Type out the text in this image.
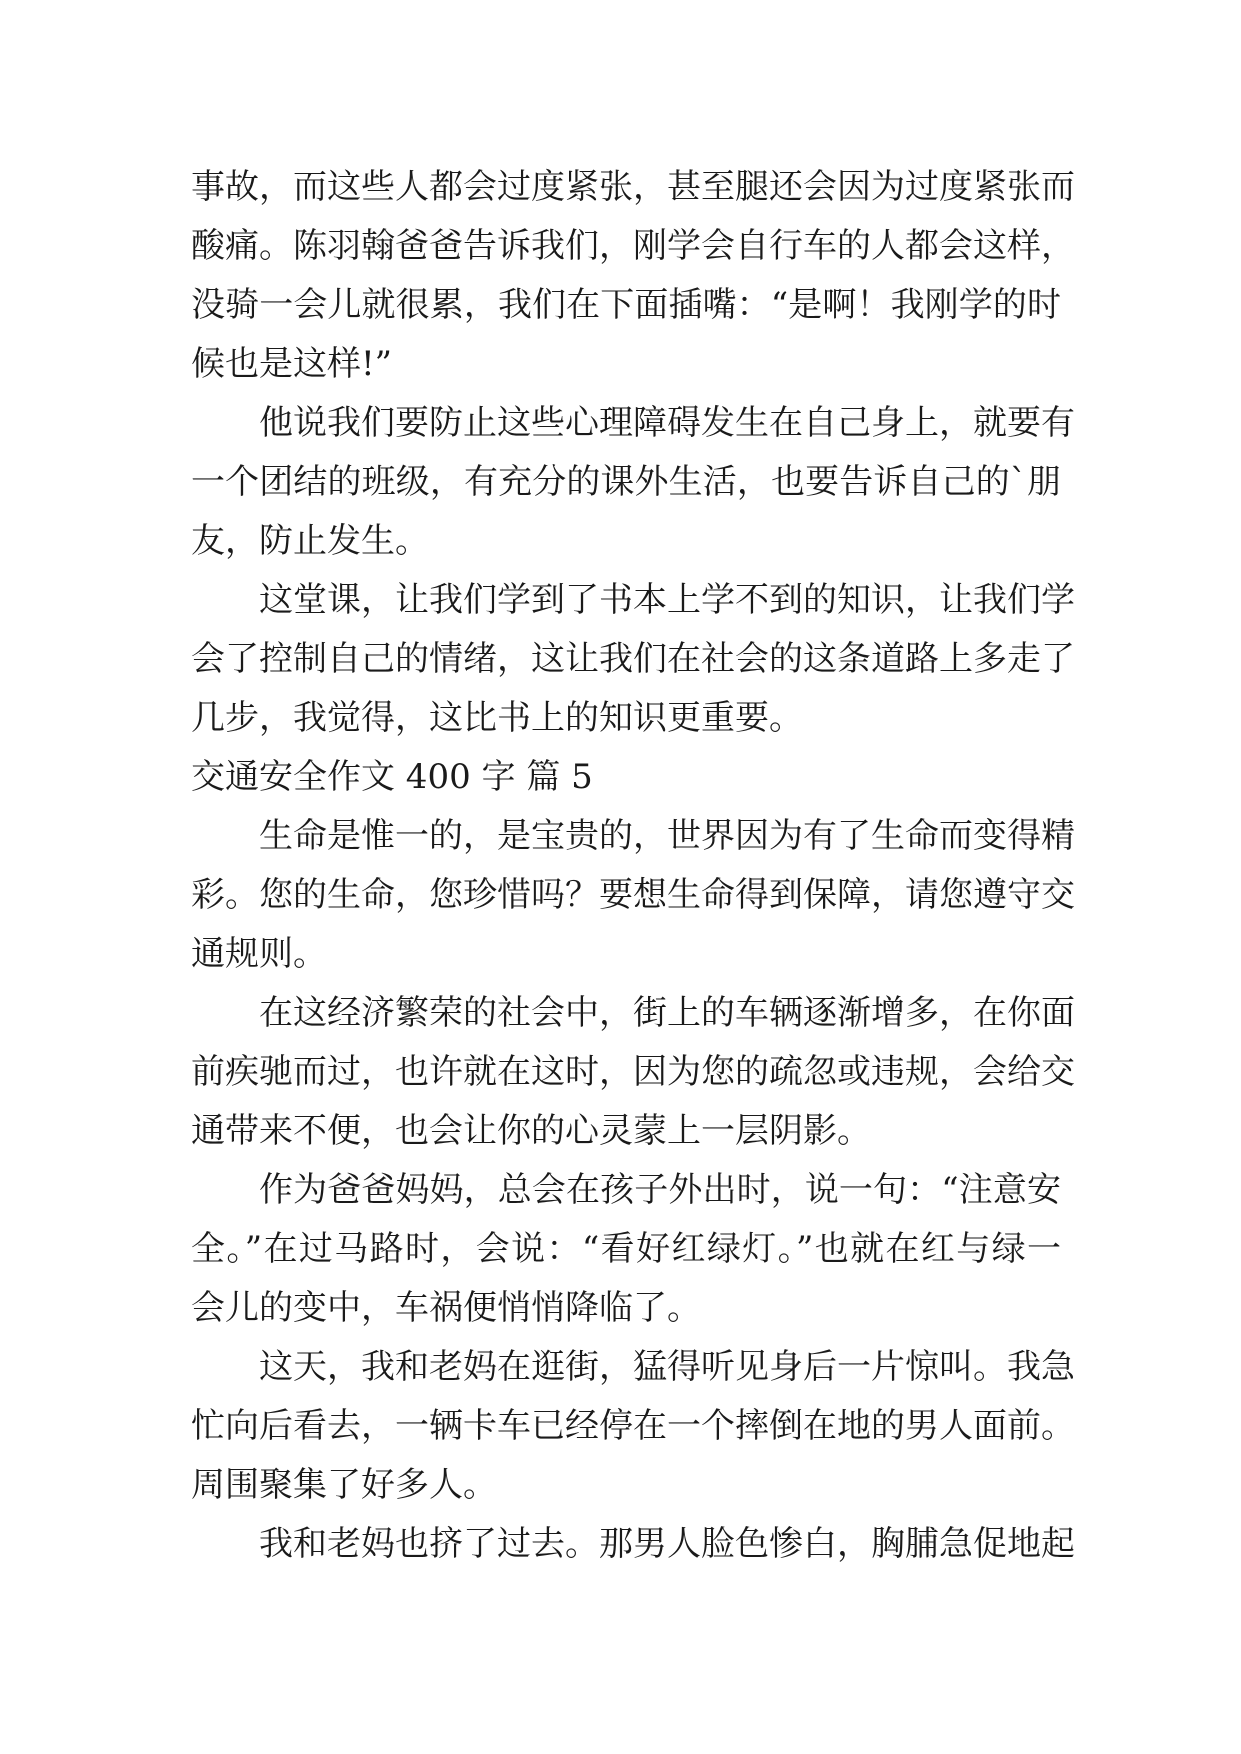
事故，而这些人都会过度紧张，甚至腿还会因为过度紧张而
酸痛。陈羽翰爸爸告诉我们，刚学会自行车的人都会这样，
没骑一会儿就很累，我们在下面插嘴：“是啊！我刚学的时
候也是这样!”
他说我们要防止这些心理障碍发生在自己身上，就要有
一个团结的班级，有充分的课外生活，也要告诉自己的`朋
友，防止发生。
这堂课，让我们学到了书本上学不到的知识，让我们学
会了控制自己的情绪，这让我们在社会的这条道路上多走了
几步，我觉得，这比书上的知识更重要。
交通安全作文 400 字 篇 5
生命是惟一的，是宝贵的，世界因为有了生命而变得精
彩。您的生命，您珍惜吗？要想生命得到保障，请您遵守交
通规则。
在这经济繁荣的社会中，街上的车辆逐渐增多，在你面
前疾驰而过，也许就在这时，因为您的疏忽或违规，会给交
通带来不便，也会让你的心灵蒙上一层阴影。
作为爸爸妈妈，总会在孩子外出时，说一句：“注意安
全。”在过马路时，会说：“看好红绿灯。”也就在红与绿一
会儿的变中，车祸便悄悄降临了。
这天，我和老妈在逛街，猛得听见身后一片惊叫。我急
忙向后看去，一辆卡车已经停在一个摔倒在地的男人面前。
周围聚集了好多人。
我和老妈也挤了过去。那男人脸色惨白，胸脯急促地起
